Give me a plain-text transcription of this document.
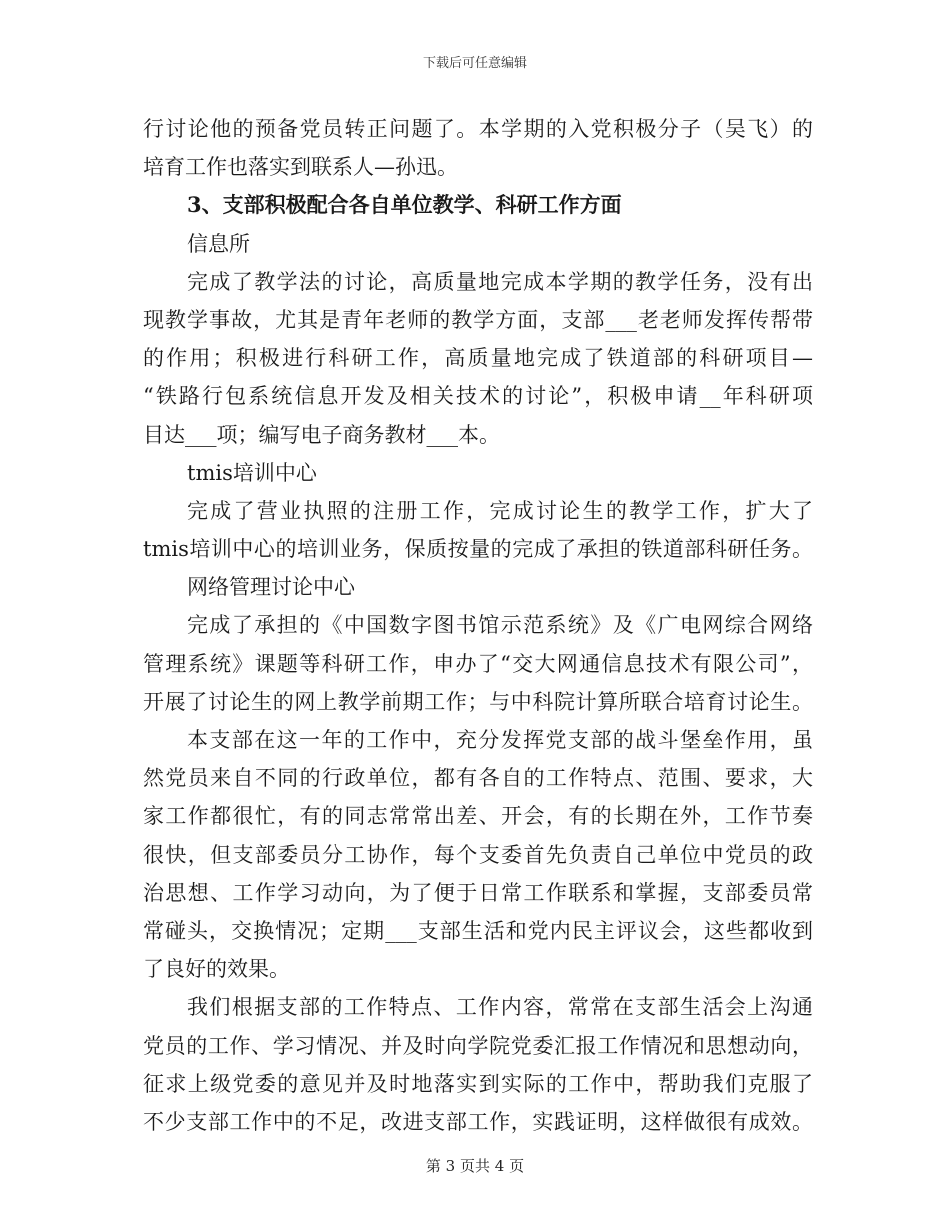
下载后可任意编辑
行讨论他的预备党员转正问题了。本学期的入党积极分子（吴飞）的
培育工作也落实到联系人—孙迅。
3、支部积极配合各自单位教学、科研工作方面
信息所
完成了教学法的讨论，高质量地完成本学期的教学任务，没有出
现教学事故，尤其是青年老师的教学方面，支部___老老师发挥传帮带
的作用；积极进行科研工作，高质量地完成了铁道部的科研项目—
“铁路行包系统信息开发及相关技术的讨论”，积极申请__年科研项
目达___项；编写电子商务教材___本。
tmis培训中心
完成了营业执照的注册工作，完成讨论生的教学工作，扩大了
tmis培训中心的培训业务，保质按量的完成了承担的铁道部科研任务。
网络管理讨论中心
完成了承担的《中国数字图书馆示范系统》及《广电网综合网络
管理系统》课题等科研工作，申办了“交大网通信息技术有限公司”，
开展了讨论生的网上教学前期工作；与中科院计算所联合培育讨论生。
本支部在这一年的工作中，充分发挥党支部的战斗堡垒作用，虽
然党员来自不同的行政单位，都有各自的工作特点、范围、要求，大
家工作都很忙，有的同志常常出差、开会，有的长期在外，工作节奏
很快，但支部委员分工协作，每个支委首先负责自己单位中党员的政
治思想、工作学习动向，为了便于日常工作联系和掌握，支部委员常
常碰头，交换情况；定期___支部生活和党内民主评议会，这些都收到
了良好的效果。
我们根据支部的工作特点、工作内容，常常在支部生活会上沟通
党员的工作、学习情况、并及时向学院党委汇报工作情况和思想动向，
征求上级党委的意见并及时地落实到实际的工作中，帮助我们克服了
不少支部工作中的不足，改进支部工作，实践证明，这样做很有成效。
第 3 页共 4 页
